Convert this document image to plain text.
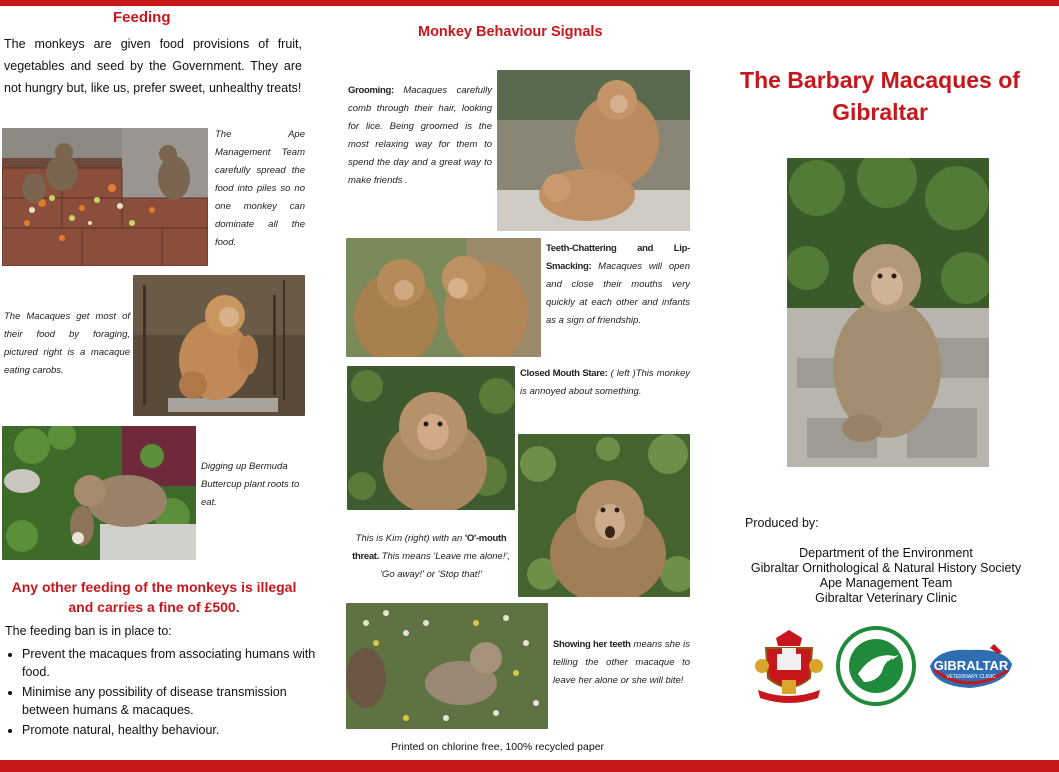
Feeding
The monkeys are given food provisions of fruit, vegetables and seed by the Government. They are not hungry but, like us, prefer sweet, unhealthy treats!
The Ape Management Team carefully spread the food into piles so no one monkey can dominate all the food.
The Macaques get most of their food by foraging, pictured right is a macaque eating carobs.
Digging up Bermuda Buttercup plant roots to eat.
Any other feeding of the monkeys is illegal and carries a fine of £500.
The feeding ban is in place to:
• Prevent the macaques from associating humans with food.
• Minimise any possibility of disease transmission between humans & macaques.
• Promote natural, healthy behaviour.
Monkey Behaviour Signals
Grooming: Macaques carefully comb through their hair, looking for lice. Being groomed is the most relaxing way for them to spend the day and a great way to make friends .
Teeth-Chattering and Lip-Smacking: Macaques will open and close their mouths very quickly at each other and infants as a sign of friendship.
Closed Mouth Stare: ( left )This monkey is annoyed about something.
This is Kim (right) with an 'O'-mouth threat. This means 'Leave me alone!', 'Go away!' or 'Stop that!'
Showing her teeth means she is telling the other macaque to leave her alone or she will bite!
Printed on chlorine free, 100% recycled paper
The Barbary Macaques of Gibraltar
Produced by:
Department of the Environment
Gibraltar Ornithological & Natural History Society
Ape Management Team
Gibraltar Veterinary Clinic
GIBRALTAR
VETERINARY CLINIC
